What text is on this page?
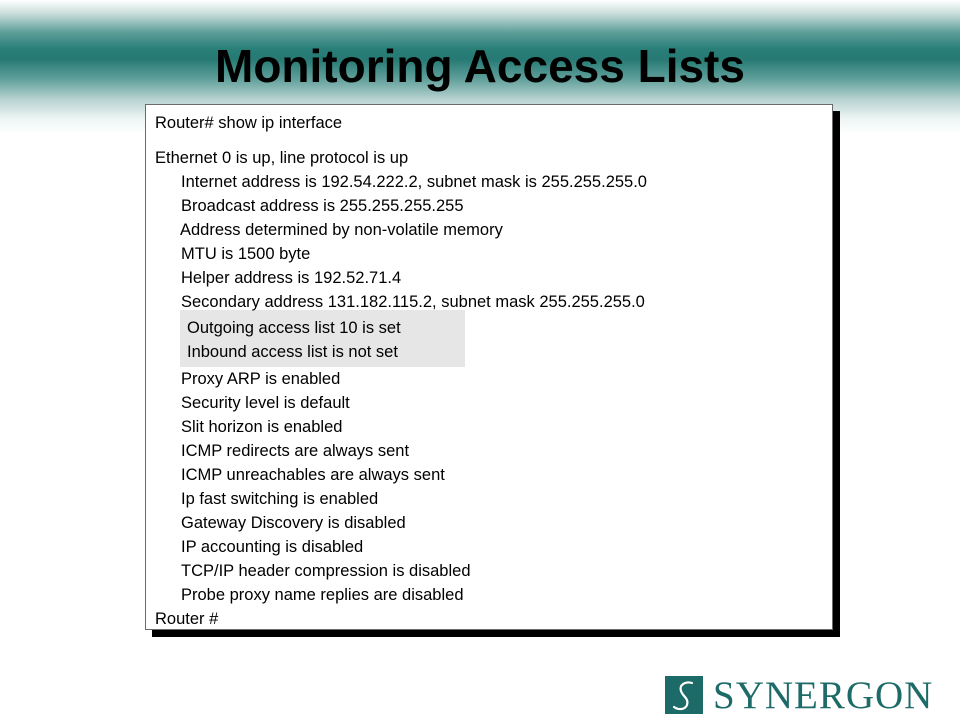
Monitoring Access Lists
Router# show ip interface
Ethernet 0 is up, line protocol is up
Internet address is 192.54.222.2, subnet mask is 255.255.255.0
Broadcast address is 255.255.255.255
Address determined by non-volatile memory
MTU is 1500 byte
Helper address is 192.52.71.4
Secondary address 131.182.115.2, subnet mask 255.255.255.0
Outgoing access list 10 is set
Inbound access list is not set
Proxy ARP is enabled
Security level is default
Slit horizon is enabled
ICMP redirects are always sent
ICMP unreachables are always sent
Ip fast switching is enabled
Gateway Discovery is disabled
IP accounting is disabled
TCP/IP header compression is disabled
Probe proxy name replies are disabled
Router #
SYNERGON
